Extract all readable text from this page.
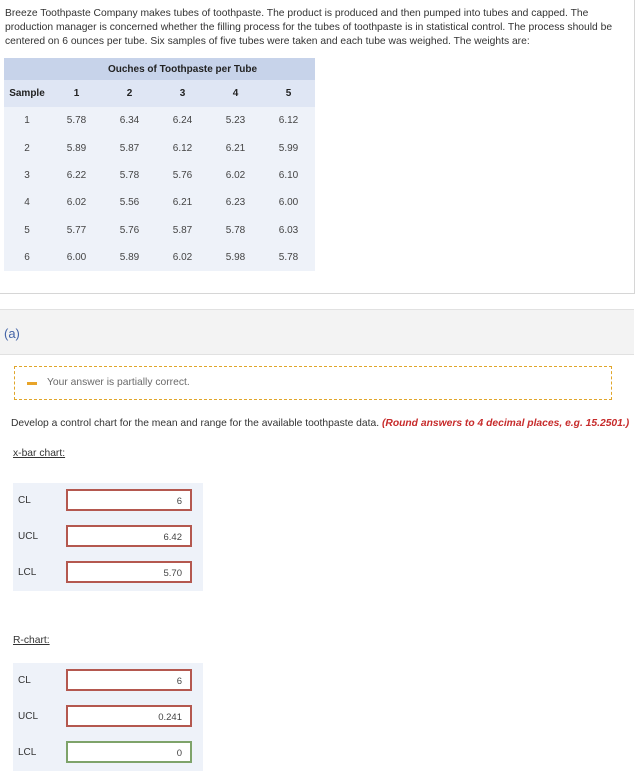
Breeze Toothpaste Company makes tubes of toothpaste. The product is produced and then pumped into tubes and capped. The production manager is concerned whether the filling process for the tubes of toothpaste is in statistical control. The process should be centered on 6 ounces per tube. Six samples of five tubes were taken and each tube was weighed. The weights are:
	Ouches of Toothpaste per Tube				
Sample	1	2	3	4	5
1	5.78	6.34	6.24	5.23	6.12
2	5.89	5.87	6.12	6.21	5.99
3	6.22	5.78	5.76	6.02	6.10
4	6.02	5.56	6.21	6.23	6.00
5	5.77	5.76	5.87	5.78	6.03
6	6.00	5.89	6.02	5.98	5.78
(a)
Your answer is partially correct.
Develop a control chart for the mean and range for the available toothpaste data. (Round answers to 4 decimal places, e.g. 15.2501.)
x-bar chart:
CL	6
UCL	6.42
LCL	5.70
R-chart:
CL	6
UCL	0.241
LCL	0
